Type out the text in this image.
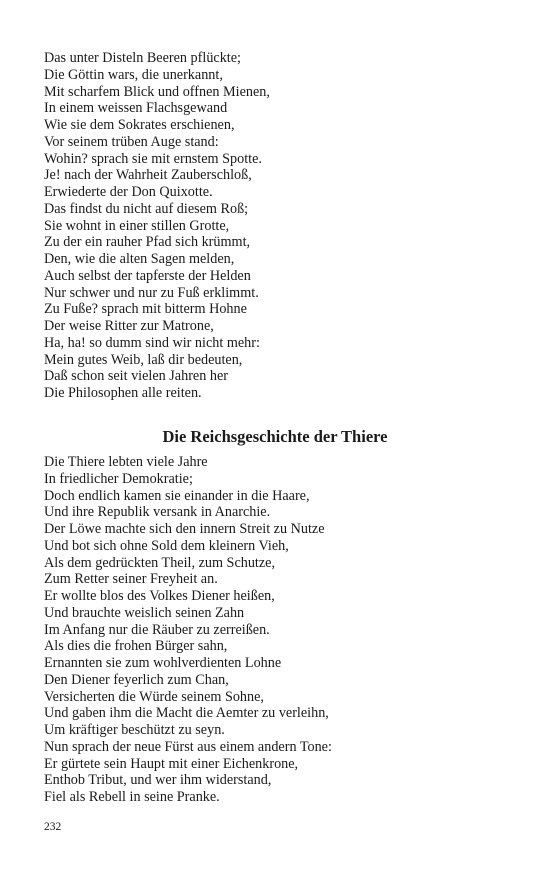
Das unter Disteln Beeren pflückte;
Die Göttin wars, die unerkannt,
Mit scharfem Blick und offnen Mienen,
In einem weissen Flachsgewand
Wie sie dem Sokrates erschienen,
Vor seinem trüben Auge stand:
Wohin? sprach sie mit ernstem Spotte.
Je! nach der Wahrheit Zauberschloß,
Erwiederte der Don Quixotte.
Das findst du nicht auf diesem Roß;
Sie wohnt in einer stillen Grotte,
Zu der ein rauher Pfad sich krümmt,
Den, wie die alten Sagen melden,
Auch selbst der tapferste der Helden
Nur schwer und nur zu Fuß erklimmt.
Zu Fuße? sprach mit bitterm Hohne
Der weise Ritter zur Matrone,
Ha, ha! so dumm sind wir nicht mehr:
Mein gutes Weib, laß dir bedeuten,
Daß schon seit vielen Jahren her
Die Philosophen alle reiten.
Die Reichsgeschichte der Thiere
Die Thiere lebten viele Jahre
In friedlicher Demokratie;
Doch endlich kamen sie einander in die Haare,
Und ihre Republik versank in Anarchie.
Der Löwe machte sich den innern Streit zu Nutze
Und bot sich ohne Sold dem kleinern Vieh,
Als dem gedrückten Theil, zum Schutze,
Zum Retter seiner Freyheit an.
Er wollte blos des Volkes Diener heißen,
Und brauchte weislich seinen Zahn
Im Anfang nur die Räuber zu zerreißen.
Als dies die frohen Bürger sahn,
Ernannten sie zum wohlverdienten Lohne
Den Diener feyerlich zum Chan,
Versicherten die Würde seinem Sohne,
Und gaben ihm die Macht die Aemter zu verleihn,
Um kräftiger beschützt zu seyn.
Nun sprach der neue Fürst aus einem andern Tone:
Er gürtete sein Haupt mit einer Eichenkrone,
Enthob Tribut, und wer ihm widerstand,
Fiel als Rebell in seine Pranke.
232
